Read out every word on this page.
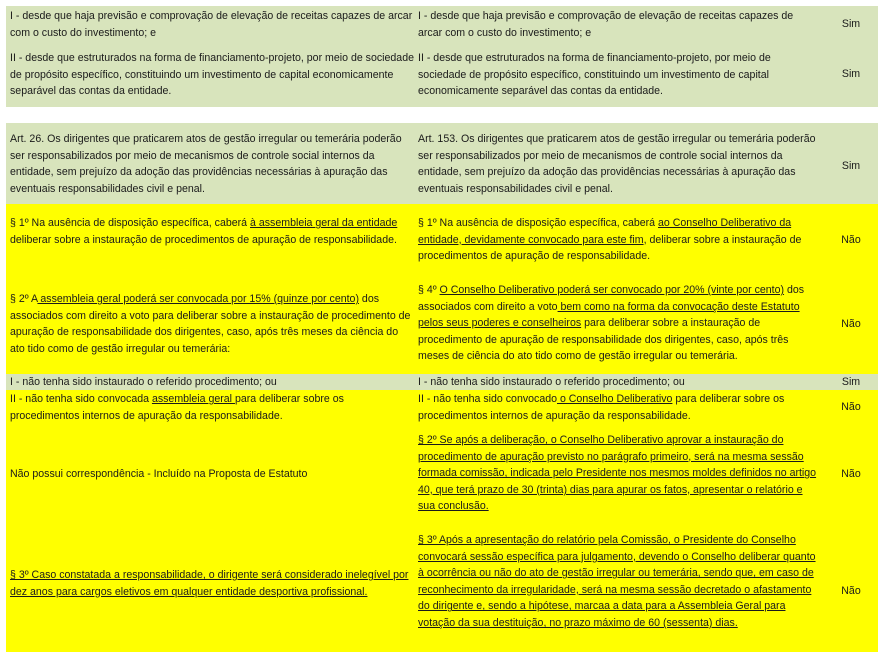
I - desde que haja previsão e comprovação de elevação de receitas capazes de arcar com o custo do investimento; e

I - desde que haja previsão e comprovação de elevação de receitas capazes de arcar com o custo do investimento; e

Sim

II - desde que estruturados na forma de financiamento-projeto, por meio de sociedade de propósito específico, constituindo um investimento de capital economicamente separável das contas da entidade.

II - desde que estruturados na forma de financiamento-projeto, por meio de sociedade de propósito específico, constituindo um investimento de capital economicamente separável das contas da entidade.

Sim

Art. 26. Os dirigentes que praticarem atos de gestão irregular ou temerária poderão ser responsabilizados por meio de mecanismos de controle social internos da entidade, sem prejuízo da adoção das providências necessárias à apuração das eventuais responsabilidades civil e penal.

Art. 153. Os dirigentes que praticarem atos de gestão irregular ou temerária poderão ser responsabilizados por meio de mecanismos de controle social internos da entidade, sem prejuízo da adoção das providências necessárias à apuração das eventuais responsabilidades civil e penal.

Sim

§ 1º Na ausência de disposição específica, caberá à assembleia geral da entidade deliberar sobre a instauração de procedimentos de apuração de responsabilidade.

§ 1º Na ausência de disposição específica, caberá ao Conselho Deliberativo da entidade, devidamente convocado para este fim, deliberar sobre a instauração de procedimentos de apuração de responsabilidade.

Não

§ 2º A assembleia geral poderá ser convocada por 15% (quinze por cento) dos associados com direito a voto para deliberar sobre a instauração de procedimento de apuração de responsabilidade dos dirigentes, caso, após três meses da ciência do ato tido como de gestão irregular ou temerária:

§ 4º O Conselho Deliberativo poderá ser convocado por 20% (vinte por cento) dos associados com direito a voto bem como na forma da convocação deste Estatuto pelos seus poderes e conselheiros para deliberar sobre a instauração de procedimento de apuração de responsabilidade dos dirigentes, caso, após três meses de ciência do ato tido como de gestão irregular ou temerária.

Não

I - não tenha sido instaurado o referido procedimento; ou	I - não tenha sido instaurado o referido procedimento; ou	Sim

II - não tenha sido convocada assembleia geral para deliberar sobre os procedimentos internos de apuração da responsabilidade.

II - não tenha sido convocado o Conselho Deliberativo para deliberar sobre os procedimentos internos de apuração da responsabilidade.

Não

Não possui correspondência - Incluído na Proposta de Estatuto

§ 2º Se após a deliberação, o Conselho Deliberativo aprovar a instauração do procedimento de apuração previsto no parágrafo primeiro, será na mesma sessão formada comissão, indicada pelo Presidente nos mesmos moldes definidos no artigo 40, que terá prazo de 30 (trinta) dias para apurar os fatos, apresentar o relatório e sua conclusão.

Não

§ 3º Caso constatada a responsabilidade, o dirigente será considerado inelegível por dez anos para cargos eletivos em qualquer entidade desportiva profissional.

§ 3º Após a apresentação do relatório pela Comissão, o Presidente do Conselho convocará sessão específica para julgamento, devendo o Conselho deliberar quanto à ocorrência ou não do ato de gestão irregular ou temerária, sendo que, em caso de reconhecimento da irregularidade, será na mesma sessão decretado o afastamento do dirigente e, sendo a hipótese, marcaa a data para a Assembleia Geral para votação da sua destituição, no prazo máximo de 60 (sessenta) dias.

Não
